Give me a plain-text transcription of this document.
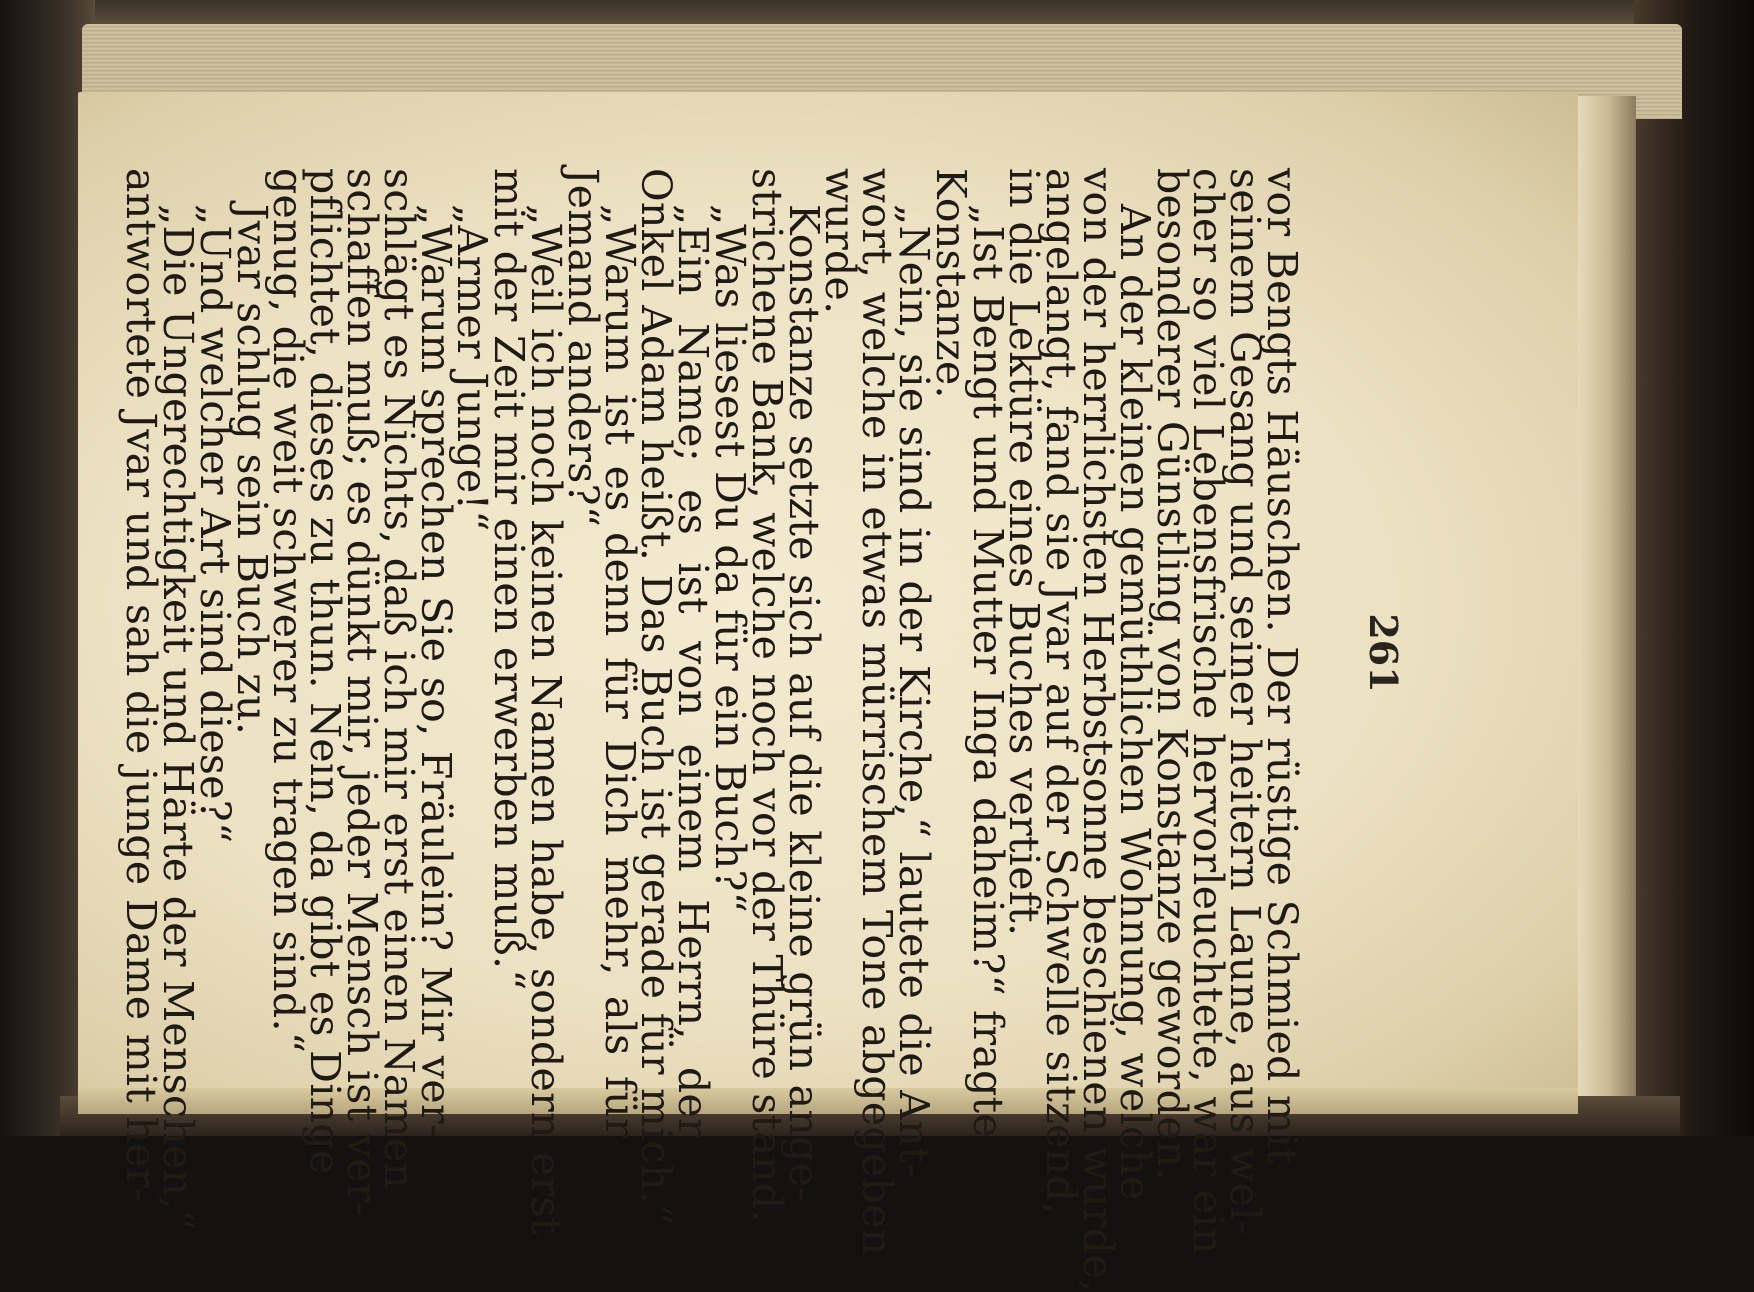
261
vor Bengts Häuschen. Der rüstige Schmied mit
seinem Gesang und seiner heitern Laune, aus wel-
cher so viel Lebensfrische hervorleuchtete, war ein
besonderer Günstling von Konstanze geworden.
An der kleinen gemüthlichen Wohnung, welche
von der herrlichsten Herbstsonne beschienen wurde,
angelangt, fand sie Jvar auf der Schwelle sitzend,
in die Lektüre eines Buches vertieft.
„Ist Bengt und Mutter Inga daheim?“ fragte
Konstanze.
„Nein, sie sind in der Kirche,“ lautete die Ant-
wort, welche in etwas mürrischem Tone abgegeben
wurde.
Konstanze setzte sich auf die kleine grün ange-
strichene Bank, welche noch vor der Thüre stand.
„Was liesest Du da für ein Buch?“
„Ein Name; es ist von einem Herrn, der
Onkel Adam heißt. Das Buch ist gerade für mich.“
„Warum ist es denn für Dich mehr, als für
Jemand anders?“
„Weil ich noch keinen Namen habe, sondern erst
mit der Zeit mir einen erwerben muß.“
„Armer Junge!“
„Warum sprechen Sie so, Fräulein? Mir ver-
schlägt es Nichts, daß ich mir erst einen Namen
schaffen muß; es dünkt mir, jeder Mensch ist ver-
pflichtet, dieses zu thun. Nein, da gibt es Dinge
genug, die weit schwerer zu tragen sind.“
Jvar schlug sein Buch zu.
„Und welcher Art sind diese?“
„Die Ungerechtigkeit und Härte der Menschen,“
antwortete Jvar und sah die junge Dame mit her-
